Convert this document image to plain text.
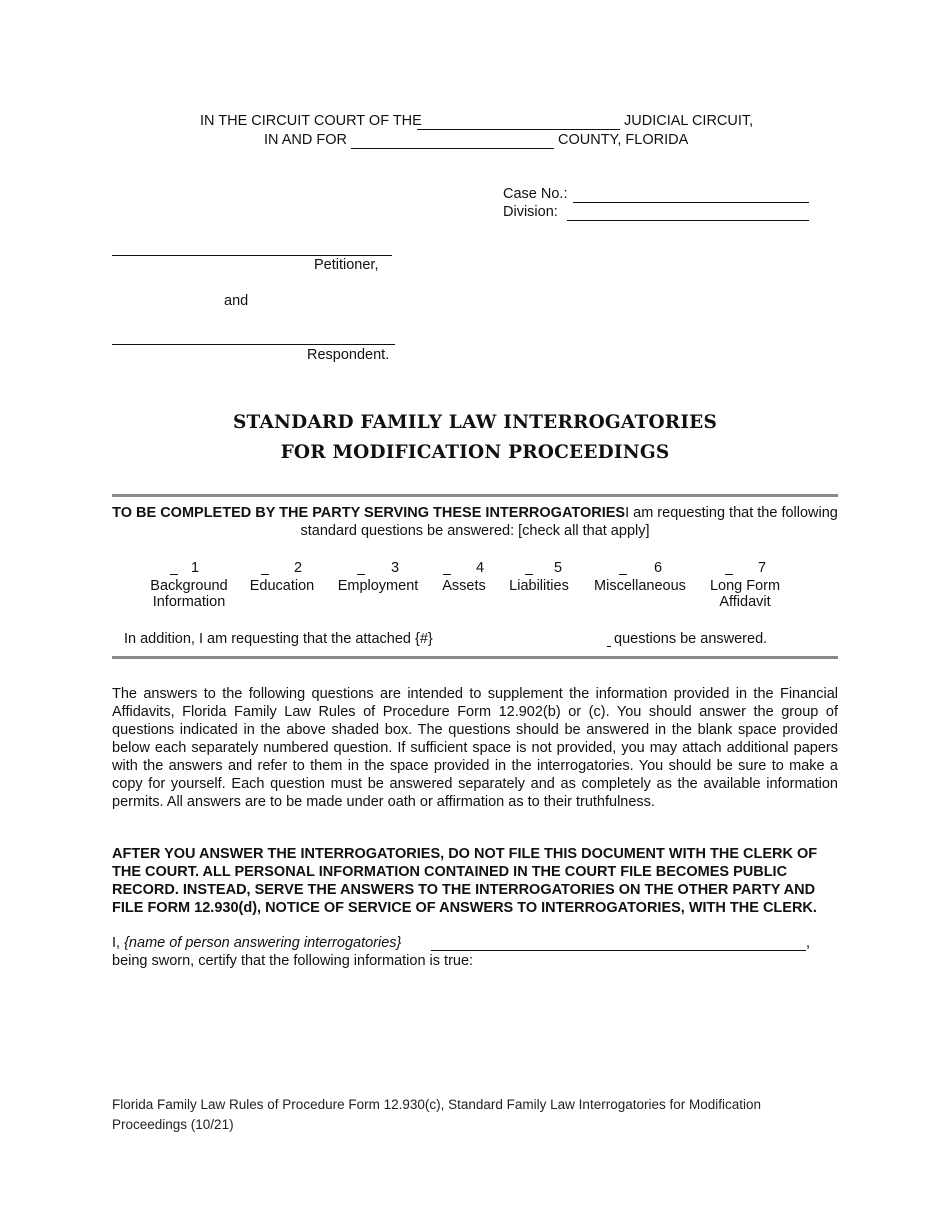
IN THE CIRCUIT COURT OF THE	JUDICIAL CIRCUIT,
IN AND FOR	COUNTY, FLORIDA
Case No.:
Division:
Petitioner,
and
Respondent.
STANDARD FAMILY LAW INTERROGATORIES
FOR MODIFICATION PROCEEDINGS
TO BE COMPLETED BY THE PARTY SERVING THESE INTERROGATORIESI am requesting that the following
standard questions be answered: [check all that apply]
1
Background
Information
2
Education
3
Employment
4
Assets
5
Liabilities
6
Miscellaneous
7
Long Form
Affidavit
In addition, I am requesting that the attached {#}	questions be answered.
The answers to the following questions are intended to supplement the information provided in the Financial Affidavits, Florida Family Law Rules of Procedure Form 12.902(b) or (c). You should answer the group of questions indicated in the above shaded box. The questions should be answered in the blank space provided below each separately numbered question. If sufficient space is not provided, you may attach additional papers with the answers and refer to them in the space provided in the interrogatories. You should be sure to make a copy for yourself. Each question must be answered separately and as completely as the available information permits. All answers are to be made under oath or affirmation as to their truthfulness.
AFTER YOU ANSWER THE INTERROGATORIES, DO NOT FILE THIS DOCUMENT WITH THE CLERK OF THE COURT. ALL PERSONAL INFORMATION CONTAINED IN THE COURT FILE BECOMES PUBLIC RECORD. INSTEAD, SERVE THE ANSWERS TO THE INTERROGATORIES ON THE OTHER PARTY AND FILE FORM 12.930(d), NOTICE OF SERVICE OF ANSWERS TO INTERROGATORIES, WITH THE CLERK.
I, {name of person answering interrogatories}	,
being sworn, certify that the following information is true:
Florida Family Law Rules of Procedure Form 12.930(c), Standard Family Law Interrogatories for Modification Proceedings (10/21)
